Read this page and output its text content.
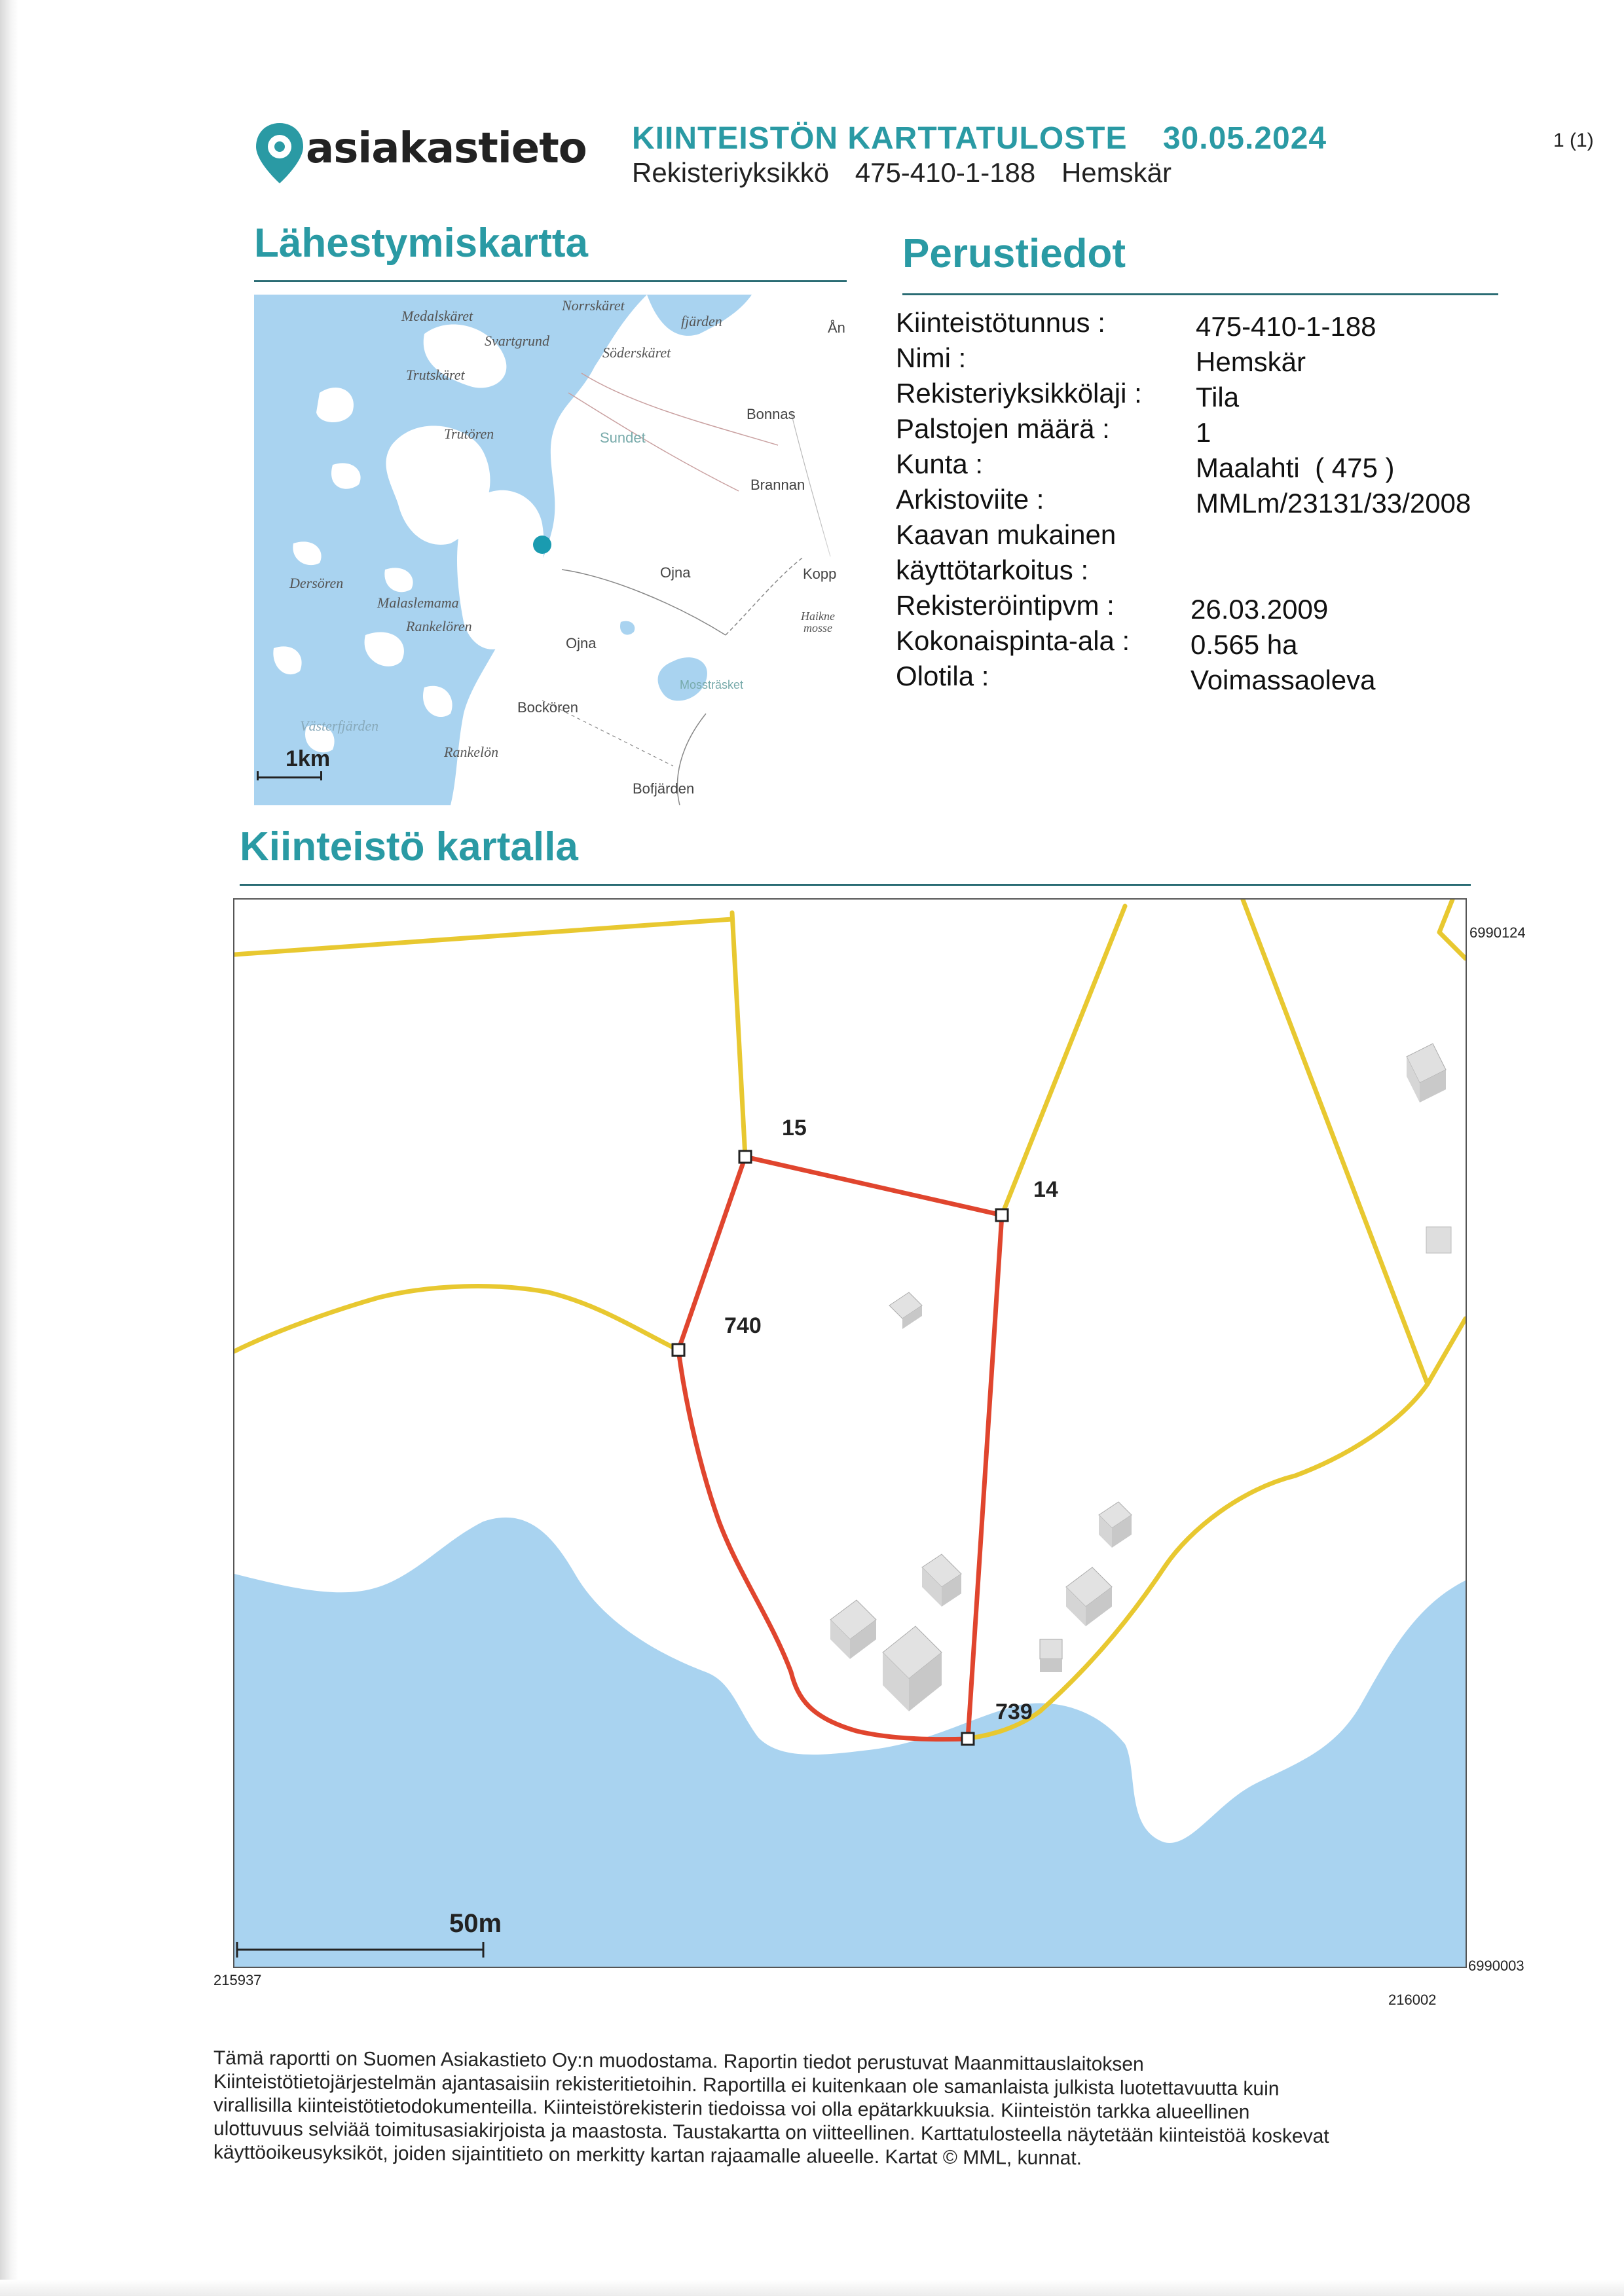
asiakastieto KIINTEISTÖN KARTTATULOSTE 30.05.2024
Rekisteriyksikkö 475-410-1-188 Hemskär
1 (1)
Lähestymiskartta
Norrskäret
Medalskäret
Svartgrund
Söderskäret
Trutskäret
Trutören	Sundet
Bonnas
Brannan
Ojna	Kopp
Haikne mosse
Dersören
Malaslemama
Rankelören
Ojna
Bockören
Mossträsket
Västerfjärden
Rankelön
Bofjärden
Ån
fjärden
1km
Perustiedot
Kiinteistötunnus :	475-410-1-188
Nimi :	Hemskär
Rekisteriyksikkölaji : Tila
Palstojen määrä :	1
Kunta :	Maalahti  ( 475 )
Arkistoviite :	MMLm/23131/33/2008
Kaavan mukainen
käyttötarkoitus :
Rekisteröintipvm :	26.03.2009
Kokonaispinta-ala : 0.565 ha
Olotila :	Voimassaoleva
Kiinteistö kartalla
15
14
740
739
50m
6990124
6990003
215937
216002
Tämä raportti on Suomen Asiakastieto Oy:n muodostama. Raportin tiedot perustuvat Maanmittauslaitoksen
Kiinteistötietojärjestelmän ajantasaisiin rekisteritietoihin. Raportilla ei kuitenkaan ole samanlaista julkista luotettavuutta kuin
virallisilla kiinteistötietodokumenteilla. Kiinteistörekisterin tiedoissa voi olla epätarkkuuksia. Kiinteistön tarkka alueellinen
ulottuvuus selviää toimitusasiakirjoista ja maastosta. Taustakartta on viitteellinen. Karttatulosteella näytetään kiinteistöä koskevat
käyttöoikeusyksiköt, joiden sijaintitieto on merkitty kartan rajaamalle alueelle. Kartat © MML, kunnat.
